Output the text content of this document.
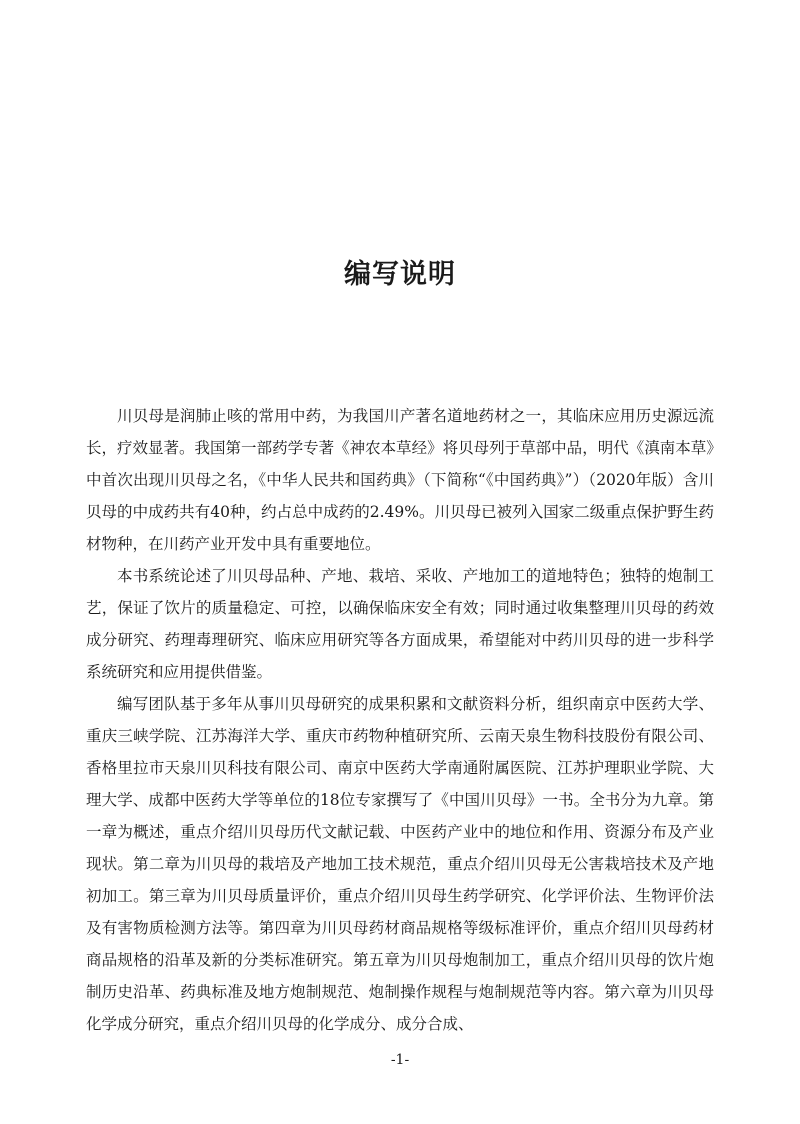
编写说明

川贝母是润肺止咳的常用中药，为我国川产著名道地药材之一，其临床应用历史源远流长，疗效显著。我国第一部药学专著《神农本草经》将贝母列于草部中品，明代《滇南本草》中首次出现川贝母之名，《中华人民共和国药典》（下简称“《中国药典》”）（2020年版）含川贝母的中成药共有40种，约占总中成药的2.49%。川贝母已被列入国家二级重点保护野生药材物种，在川药产业开发中具有重要地位。

本书系统论述了川贝母品种、产地、栽培、采收、产地加工的道地特色；独特的炮制工艺，保证了饮片的质量稳定、可控，以确保临床安全有效；同时通过收集整理川贝母的药效成分研究、药理毒理研究、临床应用研究等各方面成果，希望能对中药川贝母的进一步科学系统研究和应用提供借鉴。

编写团队基于多年从事川贝母研究的成果积累和文献资料分析，组织南京中医药大学、重庆三峡学院、江苏海洋大学、重庆市药物种植研究所、云南天泉生物科技股份有限公司、香格里拉市天泉川贝科技有限公司、南京中医药大学南通附属医院、江苏护理职业学院、大理大学、成都中医药大学等单位的18位专家撰写了《中国川贝母》一书。全书分为九章。第一章为概述，重点介绍川贝母历代文献记载、中医药产业中的地位和作用、资源分布及产业现状。第二章为川贝母的栽培及产地加工技术规范，重点介绍川贝母无公害栽培技术及产地初加工。第三章为川贝母质量评价，重点介绍川贝母生药学研究、化学评价法、生物评价法及有害物质检测方法等。第四章为川贝母药材商品规格等级标准评价，重点介绍川贝母药材商品规格的沿革及新的分类标准研究。第五章为川贝母炮制加工，重点介绍川贝母的饮片炮制历史沿革、药典标准及地方炮制规范、炮制操作规程与炮制规范等内容。第六章为川贝母化学成分研究，重点介绍川贝母的化学成分、成分合成、

-1-
